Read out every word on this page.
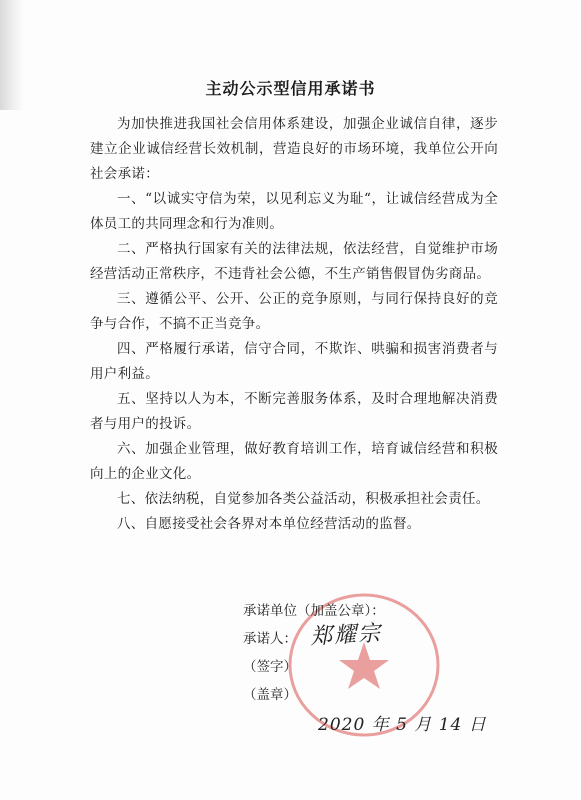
主动公示型信用承诺书

为加快推进我国社会信用体系建设，加强企业诚信自律，逐步建立企业诚信经营长效机制，营造良好的市场环境，我单位公开向社会承诺：

一、“以诚实守信为荣，以见利忘义为耻“，让诚信经营成为全体员工的共同理念和行为准则。

二、严格执行国家有关的法律法规，依法经营，自觉维护市场经营活动正常秩序，不违背社会公德，不生产销售假冒伪劣商品。

三、遵循公平、公开、公正的竞争原则，与同行保持良好的竞争与合作，不搞不正当竞争。

四、严格履行承诺，信守合同，不欺诈、哄骗和损害消费者与用户利益。

五、坚持以人为本，不断完善服务体系，及时合理地解决消费者与用户的投诉。

六、加强企业管理，做好教育培训工作，培育诚信经营和积极向上的企业文化。

七、依法纳税，自觉参加各类公益活动，积极承担社会责任。

八、自愿接受社会各界对本单位经营活动的监督。

承诺单位（加盖公章）：
承诺人： 郑耀宗
（签字）
（盖章）
2020 年 5 月 14 日
